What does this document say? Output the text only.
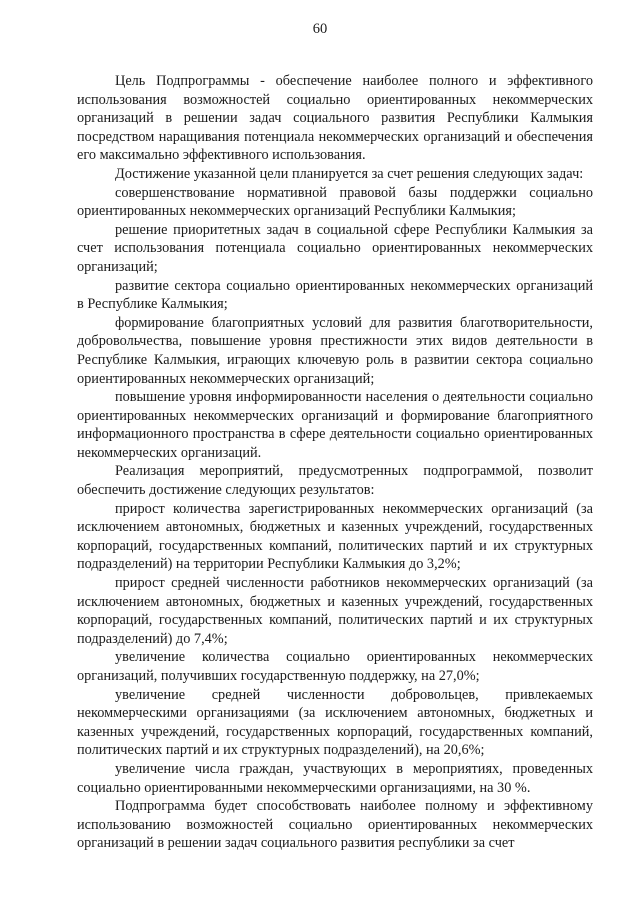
60

Цель Подпрограммы - обеспечение наиболее полного и эффективного использования возможностей социально ориентированных некоммерческих организаций в решении задач социального развития Республики Калмыкия посредством наращивания потенциала некоммерческих организаций и обеспечения его максимально эффективного использования.

Достижение указанной цели планируется за счет решения следующих задач:

совершенствование нормативной правовой базы поддержки социально ориентированных некоммерческих организаций Республики Калмыкия;

решение приоритетных задач в социальной сфере Республики Калмыкия за счет использования потенциала социально ориентированных некоммерческих организаций;

развитие сектора социально ориентированных некоммерческих организаций в Республике Калмыкия;

формирование благоприятных условий для развития благотворительности, добровольчества, повышение уровня престижности этих видов деятельности в Республике Калмыкия, играющих ключевую роль в развитии сектора социально ориентированных некоммерческих организаций;

повышение уровня информированности населения о деятельности социально ориентированных некоммерческих организаций и формирование благоприятного информационного пространства в сфере деятельности социально ориентированных некоммерческих организаций.

Реализация мероприятий, предусмотренных подпрограммой, позволит обеспечить достижение следующих результатов:

прирост количества зарегистрированных некоммерческих организаций (за исключением автономных, бюджетных и казенных учреждений, государственных корпораций, государственных компаний, политических партий и их структурных подразделений) на территории Республики Калмыкия до 3,2%;

прирост средней численности работников некоммерческих организаций (за исключением автономных, бюджетных и казенных учреждений, государственных корпораций, государственных компаний, политических партий и их структурных подразделений) до 7,4%;

увеличение количества социально ориентированных некоммерческих организаций, получивших государственную поддержку, на 27,0%;

увеличение средней численности добровольцев, привлекаемых некоммерческими организациями (за исключением автономных, бюджетных и казенных учреждений, государственных корпораций, государственных компаний, политических партий и их структурных подразделений), на 20,6%;

увеличение числа граждан, участвующих в мероприятиях, проведенных социально ориентированными некоммерческими организациями, на 30 %.

Подпрограмма будет способствовать наиболее полному и эффективному использованию возможностей социально ориентированных некоммерческих организаций в решении задач социального развития республики за счет
